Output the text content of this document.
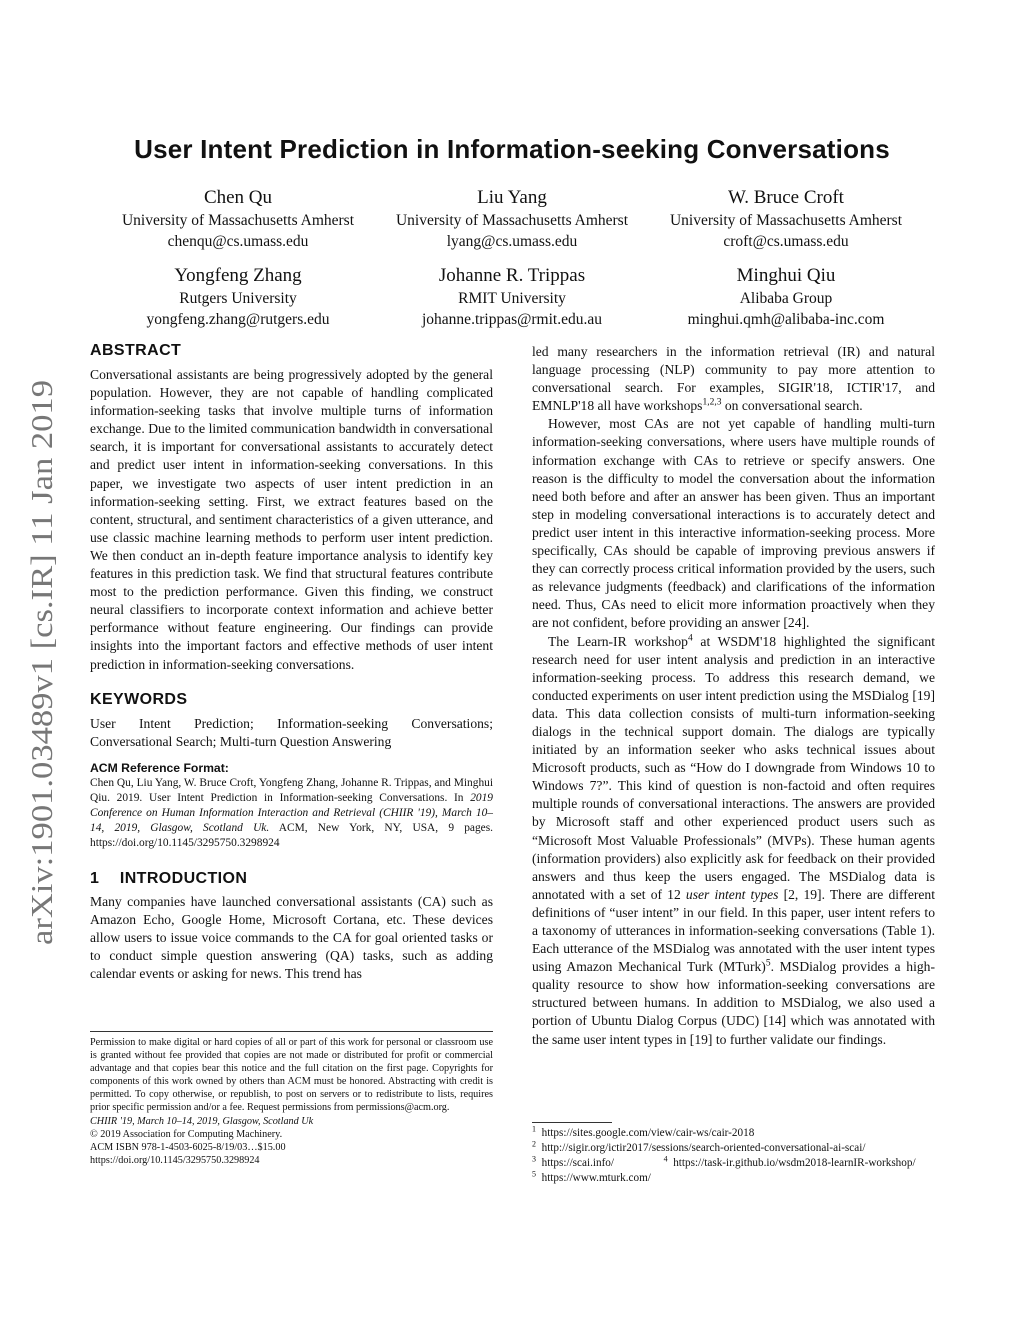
arXiv:1901.03489v1 [cs.IR] 11 Jan 2019
User Intent Prediction in Information-seeking Conversations
Chen Qu
University of Massachusetts Amherst
chenqu@cs.umass.edu
Liu Yang
University of Massachusetts Amherst
lyang@cs.umass.edu
W. Bruce Croft
University of Massachusetts Amherst
croft@cs.umass.edu
Yongfeng Zhang
Rutgers University
yongfeng.zhang@rutgers.edu
Johanne R. Trippas
RMIT University
johanne.trippas@rmit.edu.au
Minghui Qiu
Alibaba Group
minghui.qmh@alibaba-inc.com
ABSTRACT

Conversational assistants are being progressively adopted by the general population. However, they are not capable of handling complicated information-seeking tasks that involve multiple turns of information exchange. Due to the limited communication bandwidth in conversational search, it is important for conversational assistants to accurately detect and predict user intent in information-seeking conversations. In this paper, we investigate two aspects of user intent prediction in an information-seeking setting. First, we extract features based on the content, structural, and sentiment characteristics of a given utterance, and use classic machine learning methods to perform user intent prediction. We then conduct an in-depth feature importance analysis to identify key features in this prediction task. We find that structural features contribute most to the prediction performance. Given this finding, we construct neural classifiers to incorporate context information and achieve better performance without feature engineering. Our findings can provide insights into the important factors and effective methods of user intent prediction in information-seeking conversations.

KEYWORDS

User Intent Prediction; Information-seeking Conversations; Conversational Search; Multi-turn Question Answering

ACM Reference Format:

Chen Qu, Liu Yang, W. Bruce Croft, Yongfeng Zhang, Johanne R. Trippas, and Minghui Qiu. 2019. User Intent Prediction in Information-seeking Conversations. In 2019 Conference on Human Information Interaction and Retrieval (CHIIR '19), March 10–14, 2019, Glasgow, Scotland Uk. ACM, New York, NY, USA, 9 pages. https://doi.org/10.1145/3295750.3298924

1 INTRODUCTION

Many companies have launched conversational assistants (CA) such as Amazon Echo, Google Home, Microsoft Cortana, etc. These devices allow users to issue voice commands to the CA for goal oriented tasks or to conduct simple question answering (QA) tasks, such as adding calendar events or asking for news. This trend has

Permission to make digital or hard copies of all or part of this work for personal or classroom use is granted without fee provided that copies are not made or distributed for profit or commercial advantage and that copies bear this notice and the full citation on the first page. Copyrights for components of this work owned by others than ACM must be honored. Abstracting with credit is permitted. To copy otherwise, or republish, to post on servers or to redistribute to lists, requires prior specific permission and/or a fee. Request permissions from permissions@acm.org.

CHIIR '19, March 10–14, 2019, Glasgow, Scotland Uk
© 2019 Association for Computing Machinery.
ACM ISBN 978-1-4503-6025-8/19/03…$15.00
https://doi.org/10.1145/3295750.3298924

led many researchers in the information retrieval (IR) and natural language processing (NLP) community to pay more attention to conversational search. For examples, SIGIR'18, ICTIR'17, and EMNLP'18 all have workshops$^{1,2,3}$ on conversational search.

However, most CAs are not yet capable of handling multi-turn information-seeking conversations, where users have multiple rounds of information exchange with CAs to retrieve or specify answers. One reason is the difficulty to model the conversation about the information need both before and after an answer has been given. Thus an important step in modeling conversational interactions is to accurately detect and predict user intent in this interactive information-seeking process. More specifically, CAs should be capable of improving previous answers if they can correctly process critical information provided by the users, such as relevance judgments (feedback) and clarifications of the information need. Thus, CAs need to elicit more information proactively when they are not confident, before providing an answer [24].

The Learn-IR workshop$^4$ at WSDM'18 highlighted the significant research need for user intent analysis and prediction in an interactive information-seeking process. To address this research demand, we conducted experiments on user intent prediction using the MSDialog [19] data. This data collection consists of multi-turn information-seeking dialogs in the technical support domain. The dialogs are typically initiated by an information seeker who asks technical issues about Microsoft products, such as “How do I downgrade from Windows 10 to Windows 7?”. This kind of question is non-factoid and often requires multiple rounds of conversational interactions. The answers are provided by Microsoft staff and other experienced product users such as “Microsoft Most Valuable Professionals” (MVPs). These human agents (information providers) also explicitly ask for feedback on their provided answers and thus keep the users engaged. The MSDialog data is annotated with a set of 12 user intent types [2, 19]. There are different definitions of “user intent” in our field. In this paper, user intent refers to a taxonomy of utterances in information-seeking conversations (Table 1). Each utterance of the MSDialog was annotated with the user intent types using Amazon Mechanical Turk (MTurk)$^5$. MSDialog provides a high-quality resource to show how information-seeking conversations are structured between humans. In addition to MSDialog, we also used a portion of Ubuntu Dialog Corpus (UDC) [14] which was annotated with the same user intent types in [19] to further validate our findings.

$^1$ https://sites.google.com/view/cair-ws/cair-2018
$^2$ http://sigir.org/ictir2017/sessions/search-oriented-conversational-ai-scai/
$^3$ https://scai.info/	$^4$ https://task-ir.github.io/wsdm2018-learnIR-workshop/
$^5$ https://www.mturk.com/
